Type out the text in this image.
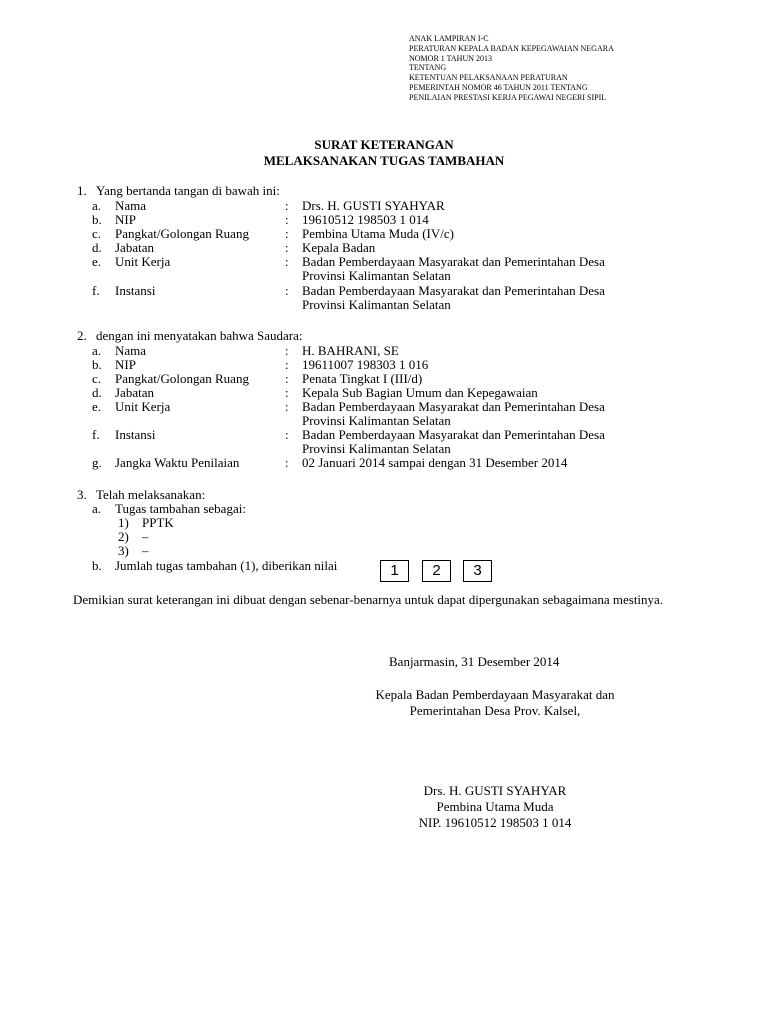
ANAK LAMPIRAN I-C
PERATURAN KEPALA BADAN KEPEGAWAIAN NEGARA
NOMOR 1 TAHUN 2013
TENTANG
KETENTUAN PELAKSANAAN PERATURAN
PEMERINTAH NOMOR 46 TAHUN 2011 TENTANG
PENILAIAN PRESTASI KERJA PEGAWAI NEGERI SIPIL
SURAT KETERANGAN
MELAKSANAKAN TUGAS TAMBAHAN
1. Yang bertanda tangan di bawah ini:
a. Nama	: Drs. H. GUSTI SYAHYAR
b. NIP	: 19610512 198503 1 014
c. Pangkat/Golongan Ruang	: Pembina Utama Muda (IV/c)
d. Jabatan	: Kepala Badan
e. Unit Kerja	: Badan Pemberdayaan Masyarakat dan Pemerintahan Desa
Provinsi Kalimantan Selatan
f. Instansi	: Badan Pemberdayaan Masyarakat dan Pemerintahan Desa
Provinsi Kalimantan Selatan
2. dengan ini menyatakan bahwa Saudara:
a. Nama	: H. BAHRANI, SE
b. NIP	: 19611007 198303 1 016
c. Pangkat/Golongan Ruang	: Penata Tingkat I (III/d)
d. Jabatan	: Kepala Sub Bagian Umum dan Kepegawaian
e. Unit Kerja	: Badan Pemberdayaan Masyarakat dan Pemerintahan Desa
Provinsi Kalimantan Selatan
f. Instansi	: Badan Pemberdayaan Masyarakat dan Pemerintahan Desa
Provinsi Kalimantan Selatan
g. Jangka Waktu Penilaian	: 02 Januari 2014 sampai dengan 31 Desember 2014
3. Telah melaksanakan:
a. Tugas tambahan sebagai:
1) PPTK
2) –
3) –
b. Jumlah tugas tambahan (1), diberikan nilai	1	2	3
Demikian surat keterangan ini dibuat dengan sebenar-benarnya untuk dapat dipergunakan sebagaimana mestinya.
Banjarmasin, 31 Desember 2014
Kepala Badan Pemberdayaan Masyarakat dan
Pemerintahan Desa Prov. Kalsel,
Drs. H. GUSTI SYAHYAR
Pembina Utama Muda
NIP. 19610512 198503 1 014
